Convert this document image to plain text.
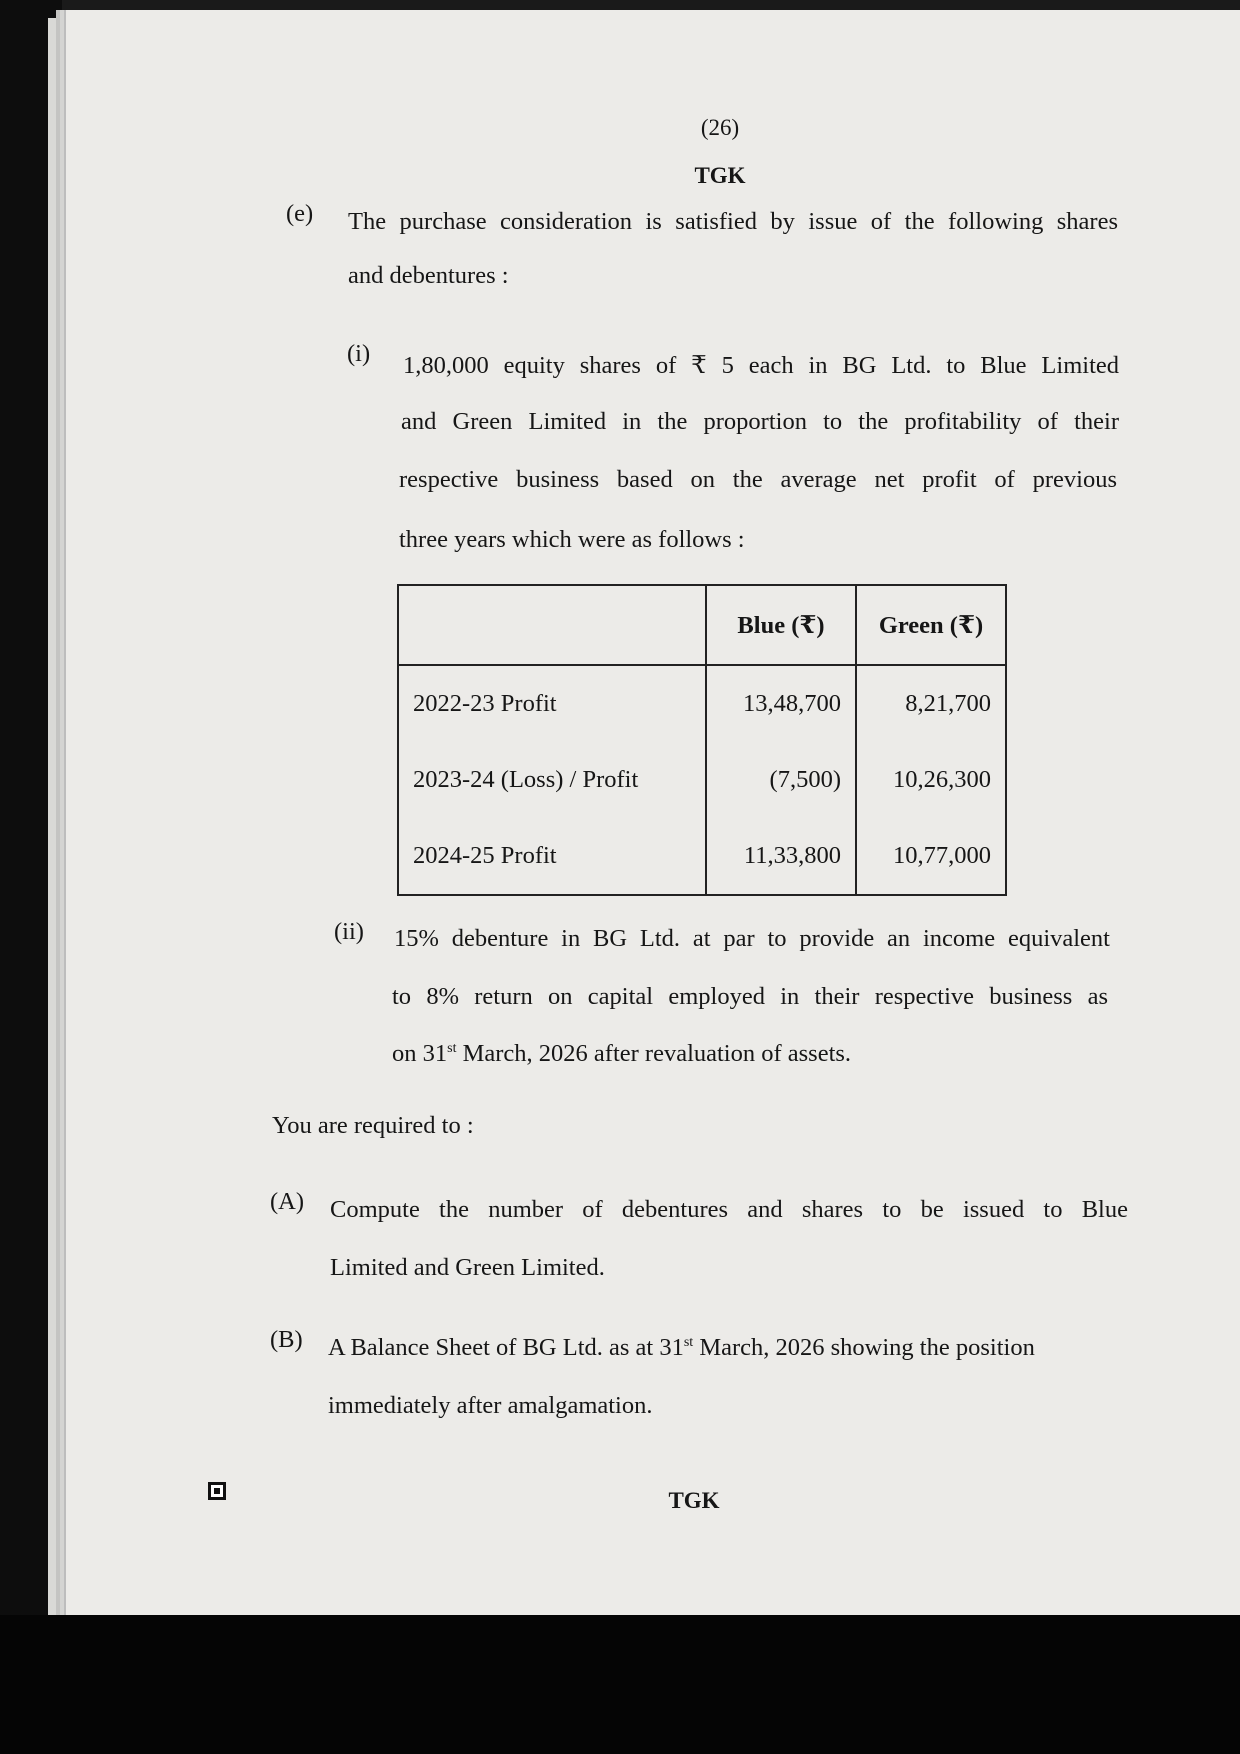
(26)
TGK
(e) The purchase consideration is satisfied by issue of the following shares
and debentures :
(i) 1,80,000 equity shares of ₹ 5 each in BG Ltd. to Blue Limited
and Green Limited in the proportion to the profitability of their
respective business based on the average net profit of previous
three years which were as follows :
	Blue (₹)	Green (₹)
2022-23 Profit	13,48,700	8,21,700
2023-24 (Loss) / Profit	(7,500)	10,26,300
2024-25 Profit	11,33,800	10,77,000
(ii) 15% debenture in BG Ltd. at par to provide an income equivalent
to 8% return on capital employed in their respective business as
on 31st March, 2026 after revaluation of assets.
You are required to :
(A) Compute the number of debentures and shares to be issued to Blue
Limited and Green Limited.
(B) A Balance Sheet of BG Ltd. as at 31st March, 2026 showing the position
immediately after amalgamation.
TGK
